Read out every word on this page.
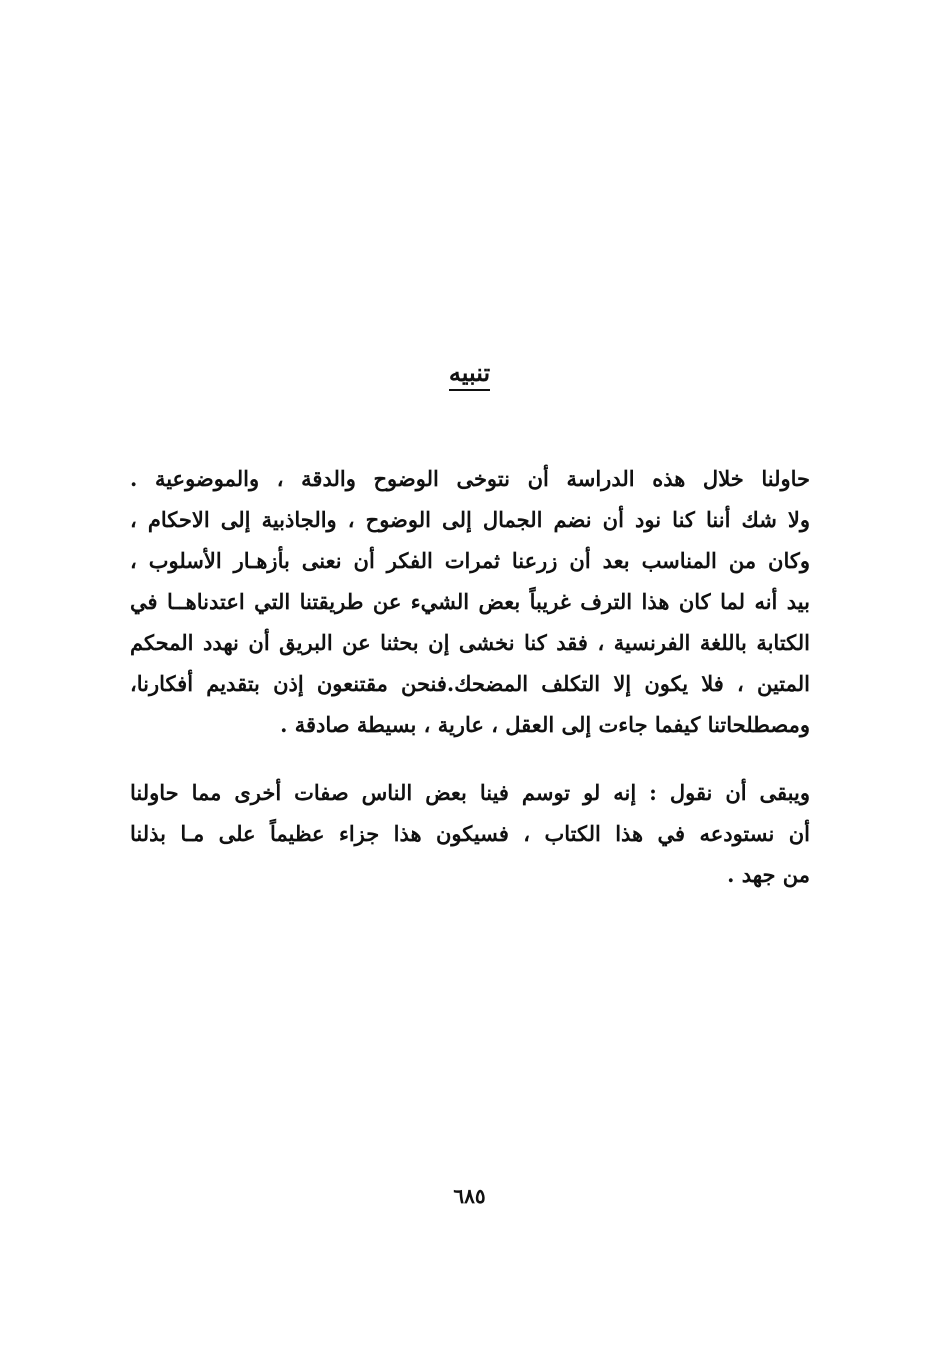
تنبيه
حاولنا خلال هذه الدراسة أن نتوخى الوضوح والدقة ، والموضوعية .
ولا شك أننا كنا نود أن نضم الجمال إلى الوضوح ، والجاذبية إلى الاحكام ،
وكان من المناسب بعد أن زرعنا ثمرات الفكر أن نعنى بأزهـار الأسلوب ،
بيد أنه لما كان هذا الترف غريباً بعض الشيء عن طريقتنا التي اعتدناهــا في
الكتابة باللغة الفرنسية ، فقد كنا نخشى إن بحثنا عن البريق أن نهدد المحكم
المتين ، فلا يكون إلا التكلف المضحك.فنحن مقتنعون إذن بتقديم أفكارنا،
ومصطلحاتنا كيفما جاءت إلى العقل ، عارية ، بسيطة صادقة .
ويبقى أن نقول : إنه لو توسم فينا بعض الناس صفات أخرى مما حاولنا
أن نستودعه في هذا الكتاب ، فسيكون هذا جزاء عظيماً على مـا بذلنا
من جهد .
٦٨٥
